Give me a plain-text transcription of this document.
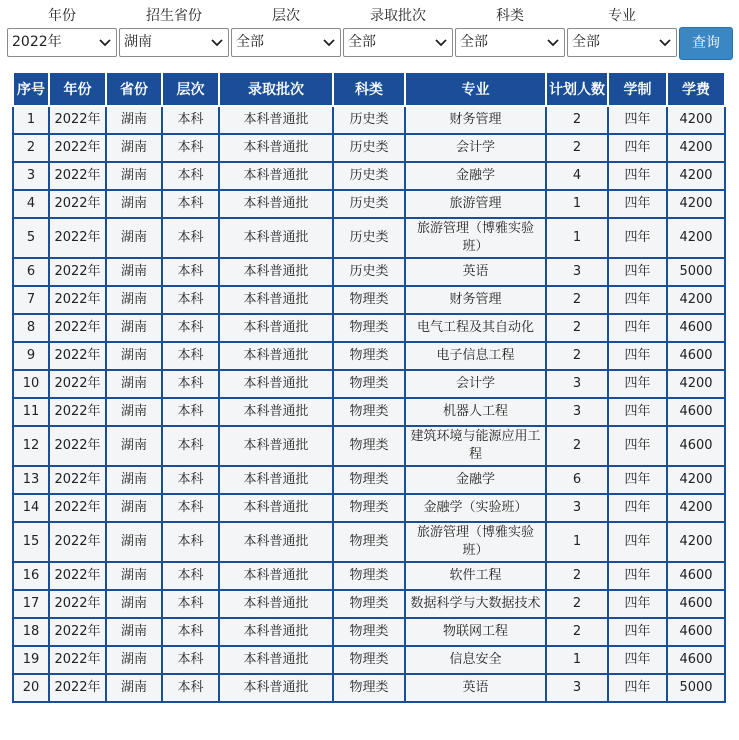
年份
2022年
招生省份
湖南
层次
全部
录取批次
全部
科类
全部
专业
全部	查询
序号	年份	省份	层次	录取批次	科类	专业	计划人数	学制	学费
1	2022年	湖南	本科	本科普通批	历史类	财务管理	2	四年	4200
2	2022年	湖南	本科	本科普通批	历史类	会计学	2	四年	4200
3	2022年	湖南	本科	本科普通批	历史类	金融学	4	四年	4200
4	2022年	湖南	本科	本科普通批	历史类	旅游管理	1	四年	4200
5	2022年	湖南	本科	本科普通批	历史类	旅游管理（博雅实验班）	1	四年	4200
6	2022年	湖南	本科	本科普通批	历史类	英语	3	四年	5000
7	2022年	湖南	本科	本科普通批	物理类	财务管理	2	四年	4200
8	2022年	湖南	本科	本科普通批	物理类	电气工程及其自动化	2	四年	4600
9	2022年	湖南	本科	本科普通批	物理类	电子信息工程	2	四年	4600
10	2022年	湖南	本科	本科普通批	物理类	会计学	3	四年	4200
11	2022年	湖南	本科	本科普通批	物理类	机器人工程	3	四年	4600
12	2022年	湖南	本科	本科普通批	物理类	建筑环境与能源应用工程	2	四年	4600
13	2022年	湖南	本科	本科普通批	物理类	金融学	6	四年	4200
14	2022年	湖南	本科	本科普通批	物理类	金融学（实验班）	3	四年	4200
15	2022年	湖南	本科	本科普通批	物理类	旅游管理（博雅实验班）	1	四年	4200
16	2022年	湖南	本科	本科普通批	物理类	软件工程	2	四年	4600
17	2022年	湖南	本科	本科普通批	物理类	数据科学与大数据技术	2	四年	4600
18	2022年	湖南	本科	本科普通批	物理类	物联网工程	2	四年	4600
19	2022年	湖南	本科	本科普通批	物理类	信息安全	1	四年	4600
20	2022年	湖南	本科	本科普通批	物理类	英语	3	四年	5000
